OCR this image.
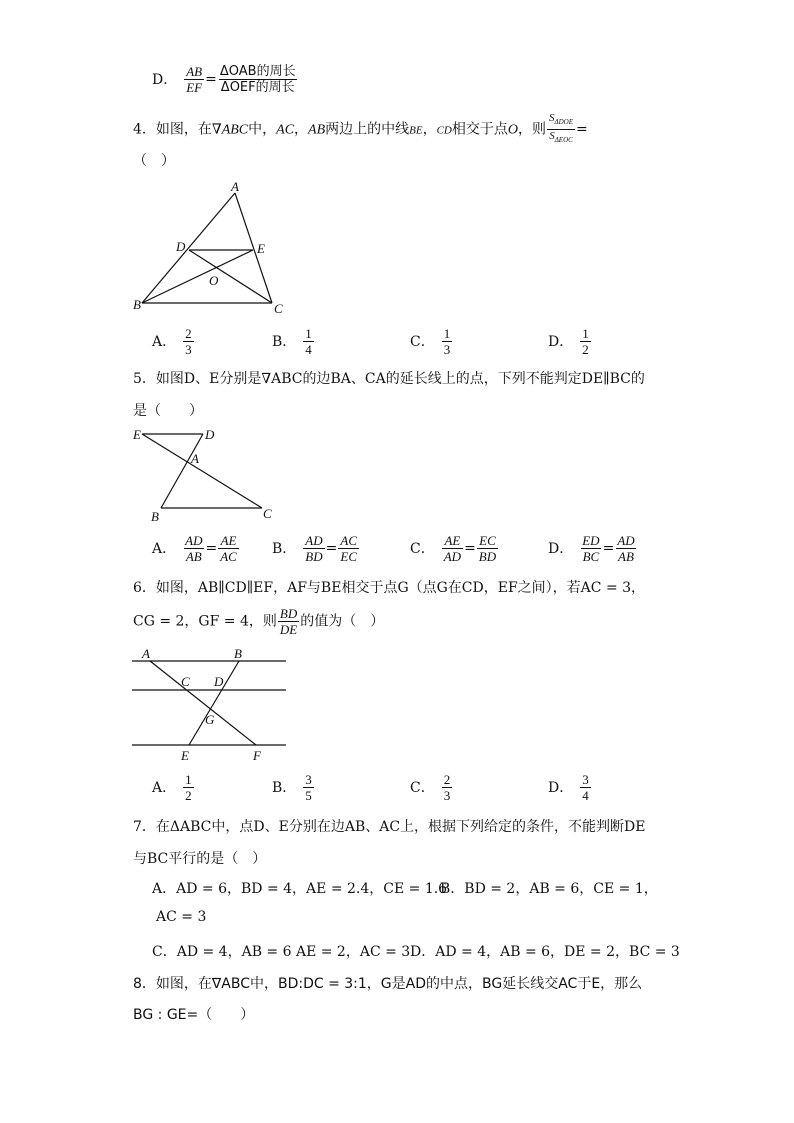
D． $\frac{AB}{EF} = \frac{\text{ΔOAB的周长}}{\text{ΔOEF的周长}}$
4．如图，在∇ABC中，AC，AB两边上的中线BE，CD相交于点O，则 $\frac{S_{\Delta DOE}}{S_{\Delta EOC}}$ =
（　）
A
B	C
D	E
O
A． $\frac{2}{3}$	B． $\frac{1}{4}$	C． $\frac{1}{3}$	D． $\frac{1}{2}$
5．如图D、E分别是∇ABC的边BA、CA的延长线上的点，下列不能判定DE∥BC的
是（　　）
E	D
A
B	C
A． $\frac{AD}{AB} = \frac{AE}{AC}$ B． $\frac{AD}{BD} = \frac{AC}{EC}$	C． $\frac{AE}{AD} = \frac{EC}{BD}$	D． $\frac{ED}{BC} = \frac{AD}{AB}$
6．如图，AB∥CD∥EF，AF与BE相交于点G（点G在CD，EF之间），若AC = 3，
CG = 2，GF = 4，则 $\frac{BD}{DE}$ 的值为（　）
A	B
C D
G
E	F
A． $\frac{1}{2}$	B． $\frac{3}{5}$	C． $\frac{2}{3}$	D． $\frac{3}{4}$
7．在ΔABC中，点D、E分别在边AB、AC上，根据下列给定的条件，不能判断DE
与BC平行的是（　）
A．AD = 6，BD = 4，AE = 2.4，CE = 1.6
B．BD = 2，AB = 6，CE = 1，
AC = 3
C．AD = 4，AB = 6 AE = 2，AC = 3 D．AD = 4，AB = 6，DE = 2，BC = 3
8．如图，在∇ABC中，BD:DC = 3:1，G是AD的中点，BG延长线交AC于E，那么
BG : GE=（　　）
